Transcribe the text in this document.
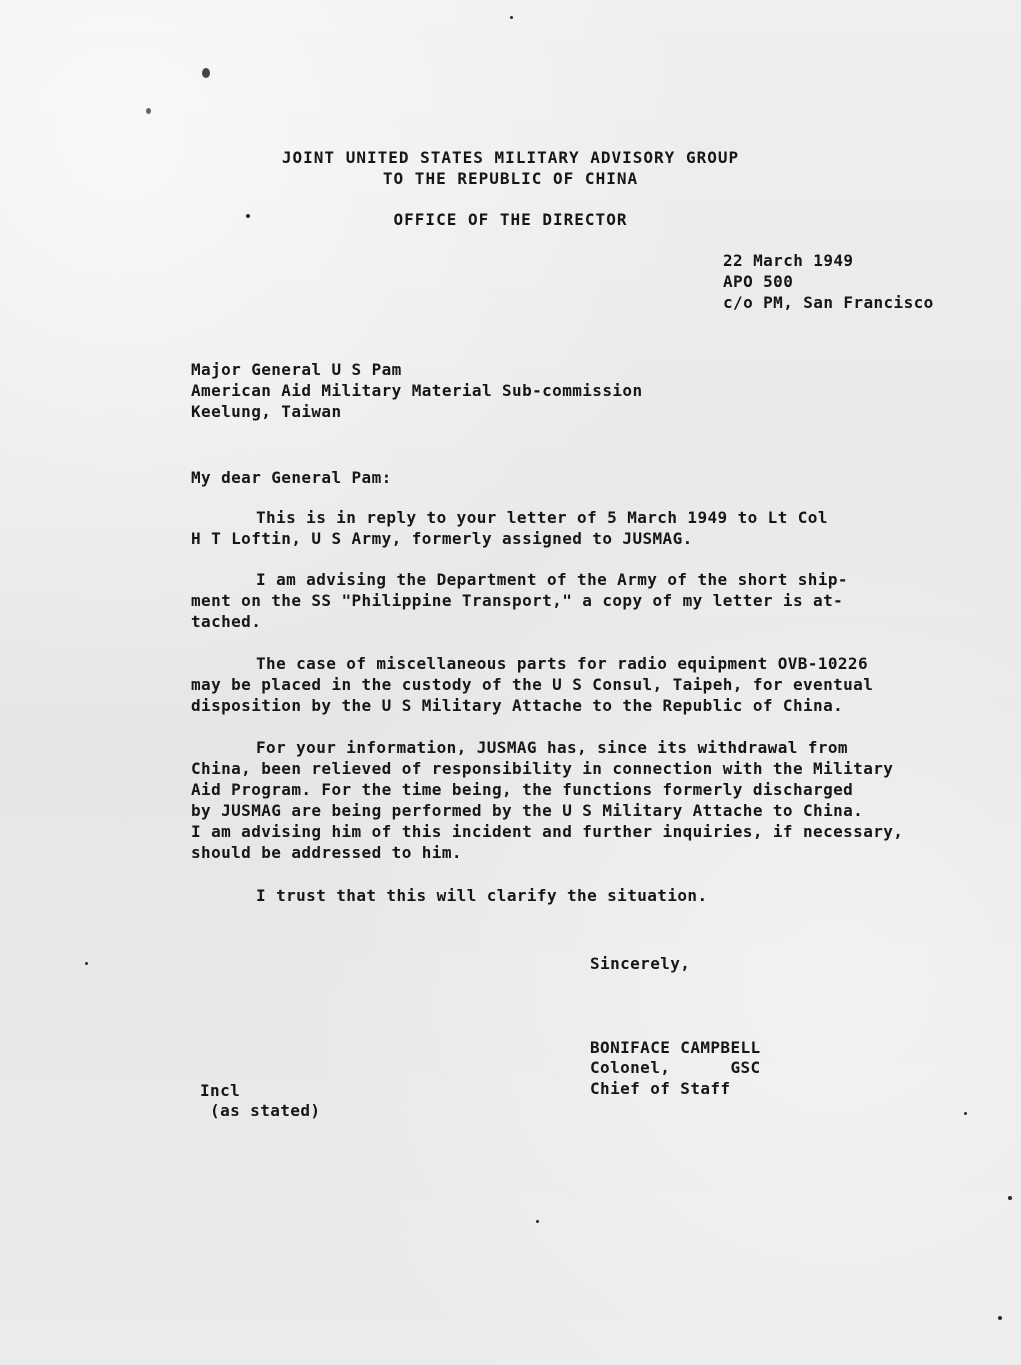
JOINT UNITED STATES MILITARY ADVISORY GROUP
TO THE REPUBLIC OF CHINA
OFFICE OF THE DIRECTOR
22 March 1949
APO 500
c/o PM, San Francisco
Major General U S Pam
American Aid Military Material Sub-commission
Keelung, Taiwan
My dear General Pam:
This is in reply to your letter of 5 March 1949 to Lt Col
H T Loftin, U S Army, formerly assigned to JUSMAG.
I am advising the Department of the Army of the short ship-
ment on the SS "Philippine Transport," a copy of my letter is at-
tached.
The case of miscellaneous parts for radio equipment OVB-10226
may be placed in the custody of the U S Consul, Taipeh, for eventual
disposition by the U S Military Attache to the Republic of China.
For your information, JUSMAG has, since its withdrawal from
China, been relieved of responsibility in connection with the Military
Aid Program. For the time being, the functions formerly discharged
by JUSMAG are being performed by the U S Military Attache to China.
I am advising him of this incident and further inquiries, if necessary,
should be addressed to him.
I trust that this will clarify the situation.
Sincerely,
BONIFACE CAMPBELL
Colonel,      GSC
Chief of Staff
Incl
(as stated)
